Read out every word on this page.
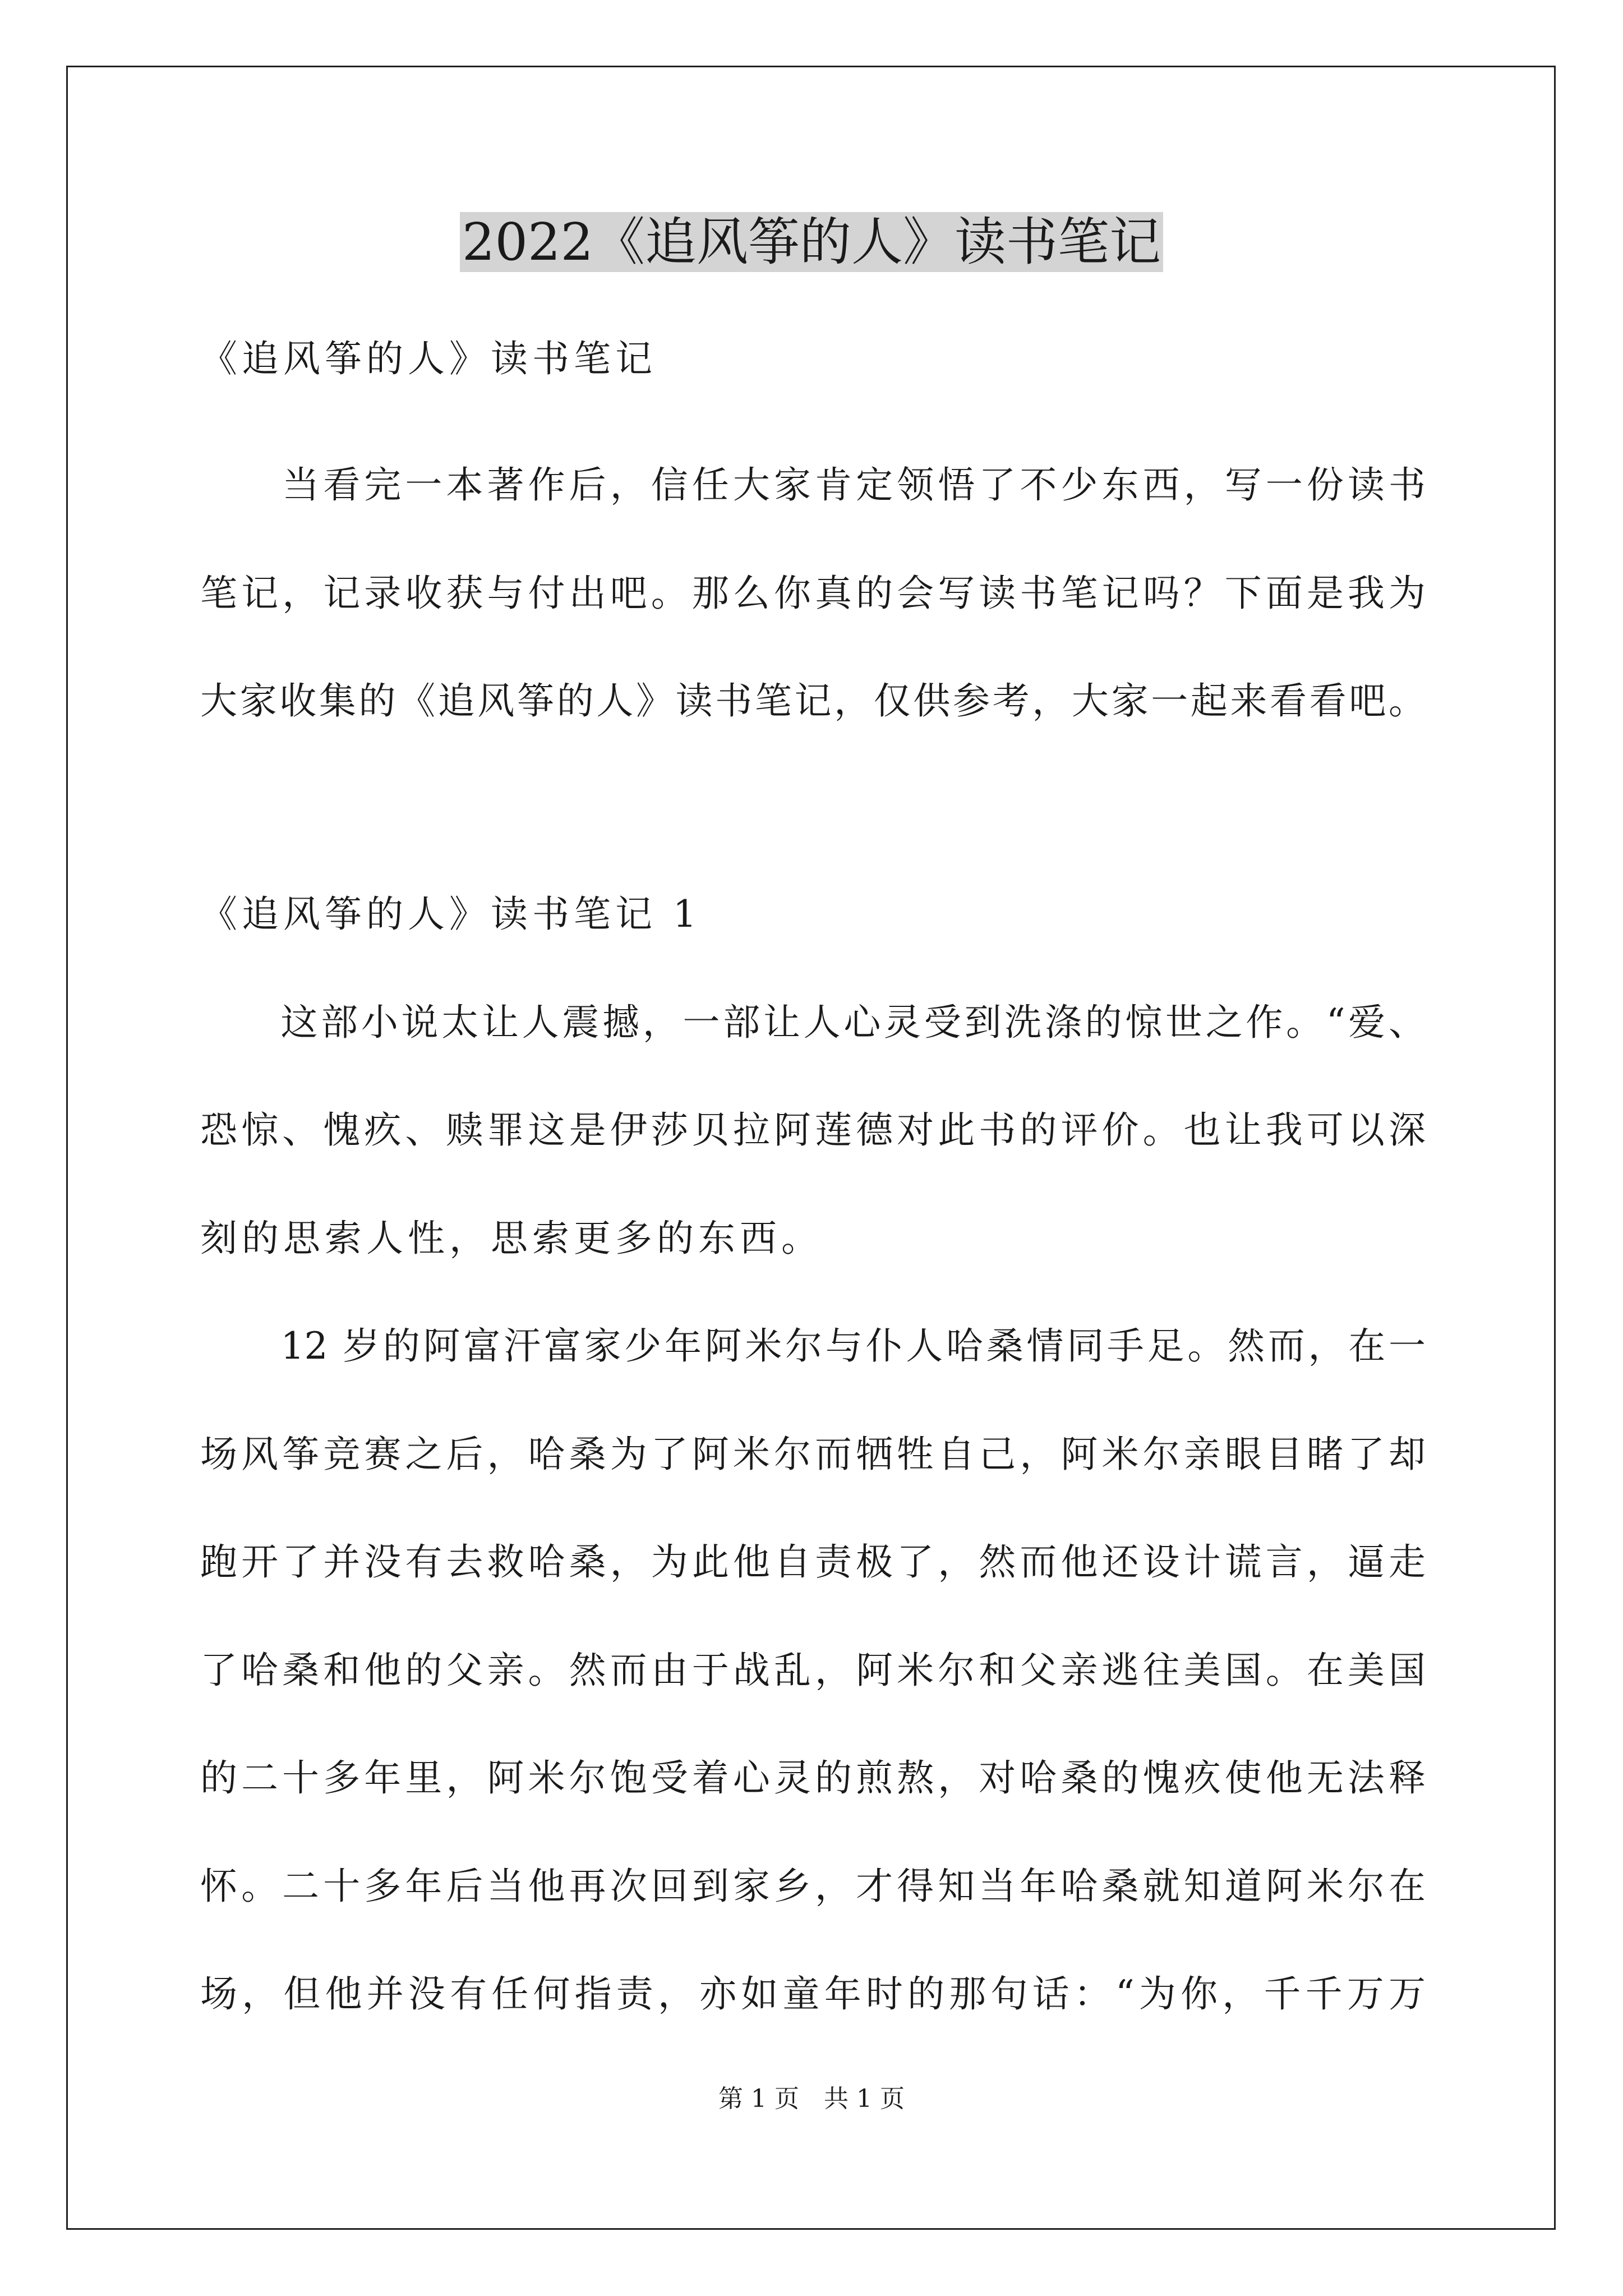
2022《追风筝的人》读书笔记
《追风筝的人》读书笔记
　　当看完一本著作后，信任大家肯定领悟了不少东西，写一份读书
笔记，记录收获与付出吧。那么你真的会写读书笔记吗？下面是我为
大家收集的《追风筝的人》读书笔记，仅供参考，大家一起来看看吧。
《追风筝的人》读书笔记 1
　　这部小说太让人震撼，一部让人心灵受到洗涤的惊世之作。“爱、
恐惊、愧疚、赎罪这是伊莎贝拉阿莲德对此书的评价。也让我可以深
刻的思索人性，思索更多的东西。
　　12 岁的阿富汗富家少年阿米尔与仆人哈桑情同手足。然而，在一
场风筝竞赛之后，哈桑为了阿米尔而牺牲自己，阿米尔亲眼目睹了却
跑开了并没有去救哈桑，为此他自责极了，然而他还设计谎言，逼走
了哈桑和他的父亲。然而由于战乱，阿米尔和父亲逃往美国。在美国
的二十多年里，阿米尔饱受着心灵的煎熬，对哈桑的愧疚使他无法释
怀。二十多年后当他再次回到家乡，才得知当年哈桑就知道阿米尔在
场，但他并没有任何指责，亦如童年时的那句话：“为你，千千万万
第 1 页　共 1 页
